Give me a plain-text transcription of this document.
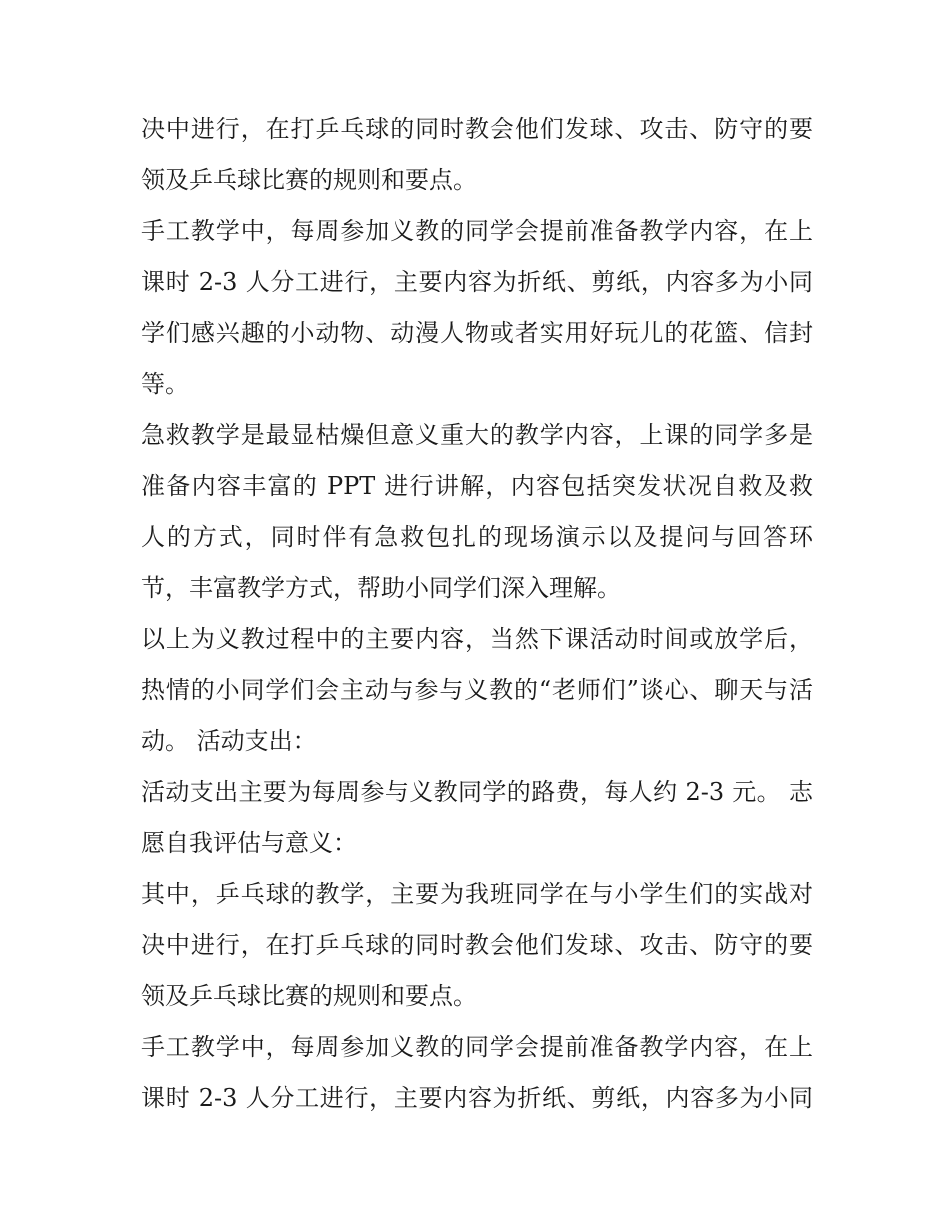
决中进行，在打乒乓球的同时教会他们发球、攻击、防守的要
领及乒乓球比赛的规则和要点。
手工教学中，每周参加义教的同学会提前准备教学内容，在上
课时 2-3 人分工进行，主要内容为折纸、剪纸，内容多为小同
学们感兴趣的小动物、动漫人物或者实用好玩儿的花篮、信封
等。
急救教学是最显枯燥但意义重大的教学内容，上课的同学多是
准备内容丰富的 PPT 进行讲解，内容包括突发状况自救及救
人的方式，同时伴有急救包扎的现场演示以及提问与回答环
节，丰富教学方式，帮助小同学们深入理解。
以上为义教过程中的主要内容，当然下课活动时间或放学后，
热情的小同学们会主动与参与义教的“老师们”谈心、聊天与活
动。 活动支出：
活动支出主要为每周参与义教同学的路费，每人约 2-3 元。 志
愿自我评估与意义：
其中，乒乓球的教学，主要为我班同学在与小学生们的实战对
决中进行，在打乒乓球的同时教会他们发球、攻击、防守的要
领及乒乓球比赛的规则和要点。
手工教学中，每周参加义教的同学会提前准备教学内容，在上
课时 2-3 人分工进行，主要内容为折纸、剪纸，内容多为小同
